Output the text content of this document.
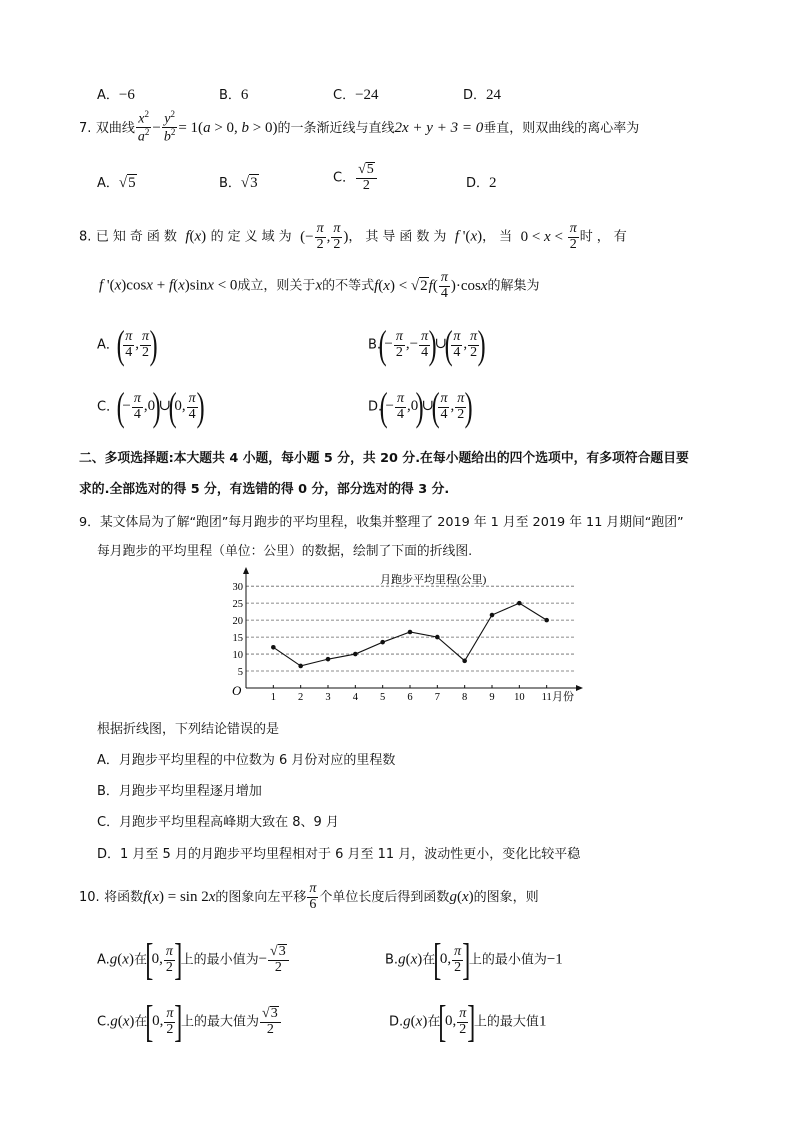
A．−6	B．6	C．−24	D．24
7. 双曲线 $\frac{x^2}{a^2} - \frac{y^2}{b^2} = 1(a > 0$, b > 0)的一条渐近线与直线2x + y + 3 = 0垂直，则双曲线的离心率为
A．√5	B．√3	C． $\frac{√5}{2}$	D．2
8. 已知奇函数 f(x) 的定义域为 (− $\frac{\pi}{2}$ , $\frac{\pi}{2}$ )，其导函数为 f '(x)，当 $0 < x < \frac{\pi}{2}$ 时，有
f '(x)cosx + f(x)sinx < 0成立，则关于x的不等式$f(x) < √2f( \frac{\pi}{4} )\cdot\cos x$的解集为
A．(
$\frac{\pi}{4}$ , $\frac{\pi}{2}$
)	$B.(- \frac{\pi}{2}$ ,− $\frac{\pi}{4}$
)∪(
$\frac{\pi}{4}$ , $\frac{\pi}{2}$
)
C．(− $\frac{\pi}{4}$ ,0)∪(0, $\frac{\pi}{4}$
)	$D.(- \frac{\pi}{4}$ ,0)∪(
$\frac{\pi}{4}$ , $\frac{\pi}{2}$
)
二、多项选择题:本大题共 4 小题，每小题 5 分，共 20 分.在每小题给出的四个选项中，有多项符合题目要
求的.全部选对的得 5 分，有选错的得 0 分，部分选对的得 3 分.
9．某文体局为了解“跑团”每月跑步的平均里程，收集并整理了 2019 年 1 月至 2019 年 11 月期间“跑团”
每月跑步的平均里程（单位：公里）的数据，绘制了下面的折线图.
月跑步平均里程(公里)
O	月份
5
10
15
20
25
30
1 2 3 4 5 6 7 8 9 10 11
根据折线图，下列结论错误的是
A．月跑步平均里程的中位数为 6 月份对应的里程数
B．月跑步平均里程逐月增加
C．月跑步平均里程高峰期大致在 8、9 月
D．1 月至 5 月的月跑步平均里程相对于 6 月至 11 月，波动性更小，变化比较平稳
10. 将函数f(x) = sin 2x的图象向左平移 $\frac{\pi}{6}$ 个单位长度后得到函数g(x)的图象，则
A.g(x)在[0, $\frac{\pi}{2}$ ]上的最小值为− $\frac{√3}{2}$	B.g(x)在[0, $\frac{\pi}{2}$ ]上的最小值为−1
C.g(x)在[0, $\frac{\pi}{2}$ ]上的最大值为 $\frac{√3}{2}$	D.g(x)在[0, $\frac{\pi}{2}$ ]上的最大值1
